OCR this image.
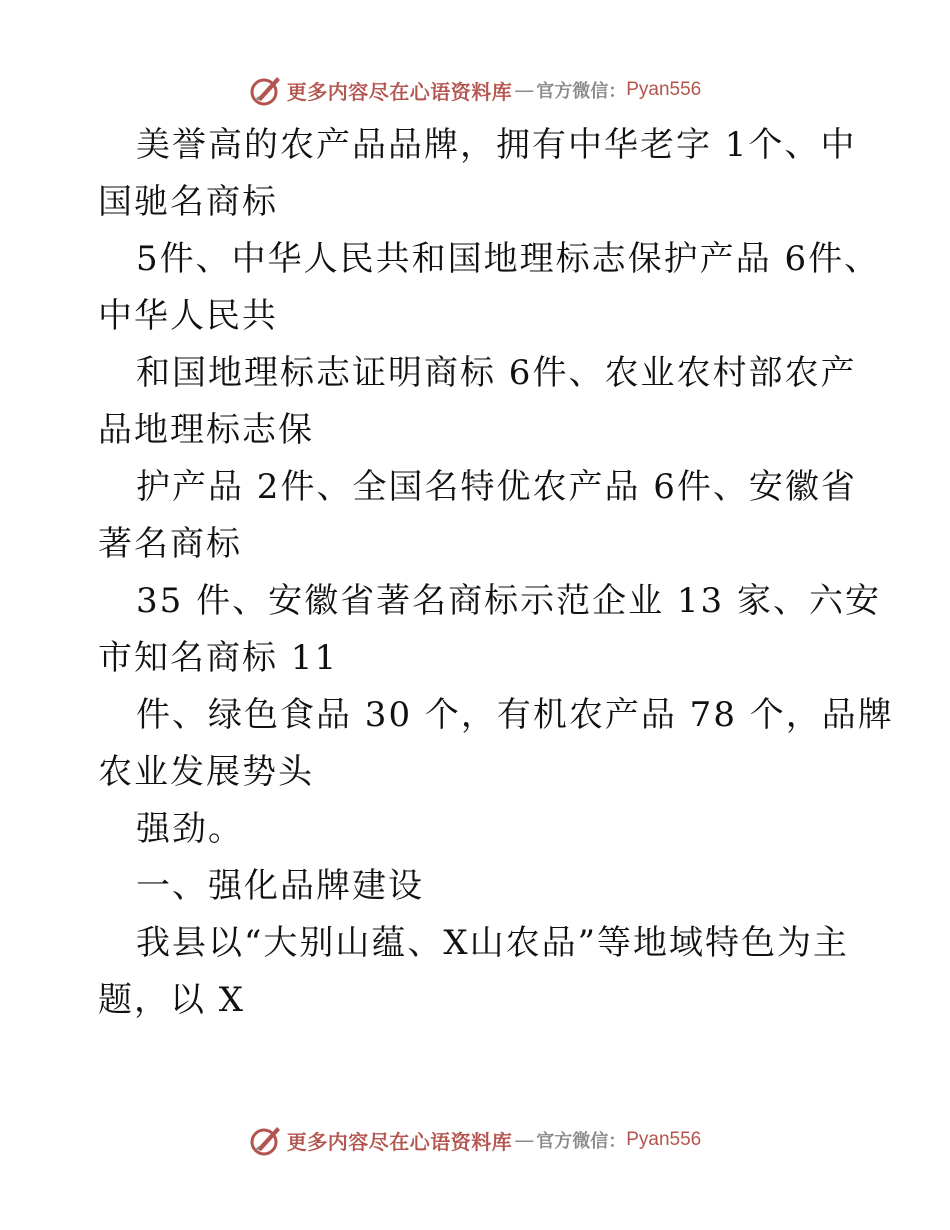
更多内容尽在心语资料库 — 官方微信： Pyan556
美誉高的农产品品牌，拥有中华老字 1个、中
国驰名商标
5件、中华人民共和国地理标志保护产品 6件、
中华人民共
和国地理标志证明商标 6件、农业农村部农产
品地理标志保
护产品 2件、全国名特优农产品 6件、安徽省
著名商标
35 件、安徽省著名商标示范企业 13 家、六安
市知名商标 11
件、绿色食品 30 个，有机农产品 78 个，品牌
农业发展势头
强劲。
一、强化品牌建设
我县以“大别山蕴、X山农品”等地域特色为主
题，以 X
更多内容尽在心语资料库 — 官方微信： Pyan556
